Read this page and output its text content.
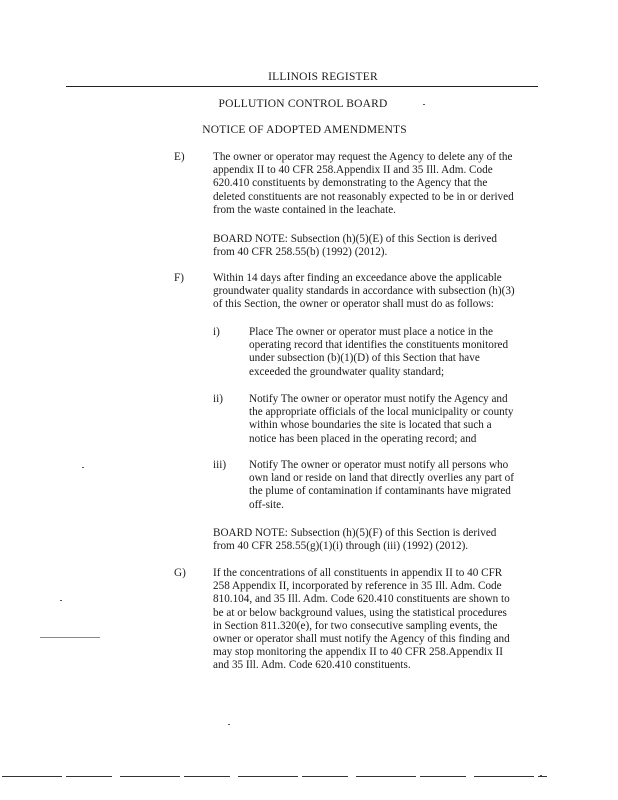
ILLINOIS REGISTER
POLLUTION CONTROL BOARD
NOTICE OF ADOPTED AMENDMENTS
E)	The owner or operator may request the Agency to delete any of the
appendix II to 40 CFR 258.Appendix II and 35 Ill. Adm. Code
620.410 constituents by demonstrating to the Agency that the
deleted constituents are not reasonably expected to be in or derived
from the waste contained in the leachate.
BOARD NOTE: Subsection (h)(5)(E) of this Section is derived
from 40 CFR 258.55(b) (1992) (2012).
F)	Within 14 days after finding an exceedance above the applicable
groundwater quality standards in accordance with subsection (h)(3)
of this Section, the owner or operator shall must do as follows:
i)	Place The owner or operator must place a notice in the
operating record that identifies the constituents monitored
under subsection (b)(1)(D) of this Section that have
exceeded the groundwater quality standard;
ii) Notify The owner or operator must notify the Agency and
the appropriate officials of the local municipality or county
within whose boundaries the site is located that such a
notice has been placed in the operating record; and
iii) Notify The owner or operator must notify all persons who
own land or reside on land that directly overlies any part of
the plume of contamination if contaminants have migrated
off-site.
BOARD NOTE: Subsection (h)(5)(F) of this Section is derived
from 40 CFR 258.55(g)(1)(i) through (iii) (1992) (2012).
G) If the concentrations of all constituents in appendix II to 40 CFR
258 Appendix II, incorporated by reference in 35 Ill. Adm. Code
810.104, and 35 Ill. Adm. Code 620.410 constituents are shown to
be at or below background values, using the statistical procedures
in Section 811.320(e), for two consecutive sampling events, the
owner or operator shall must notify the Agency of this finding and
may stop monitoring the appendix II to 40 CFR 258.Appendix II
and 35 Ill. Adm. Code 620.410 constituents.
